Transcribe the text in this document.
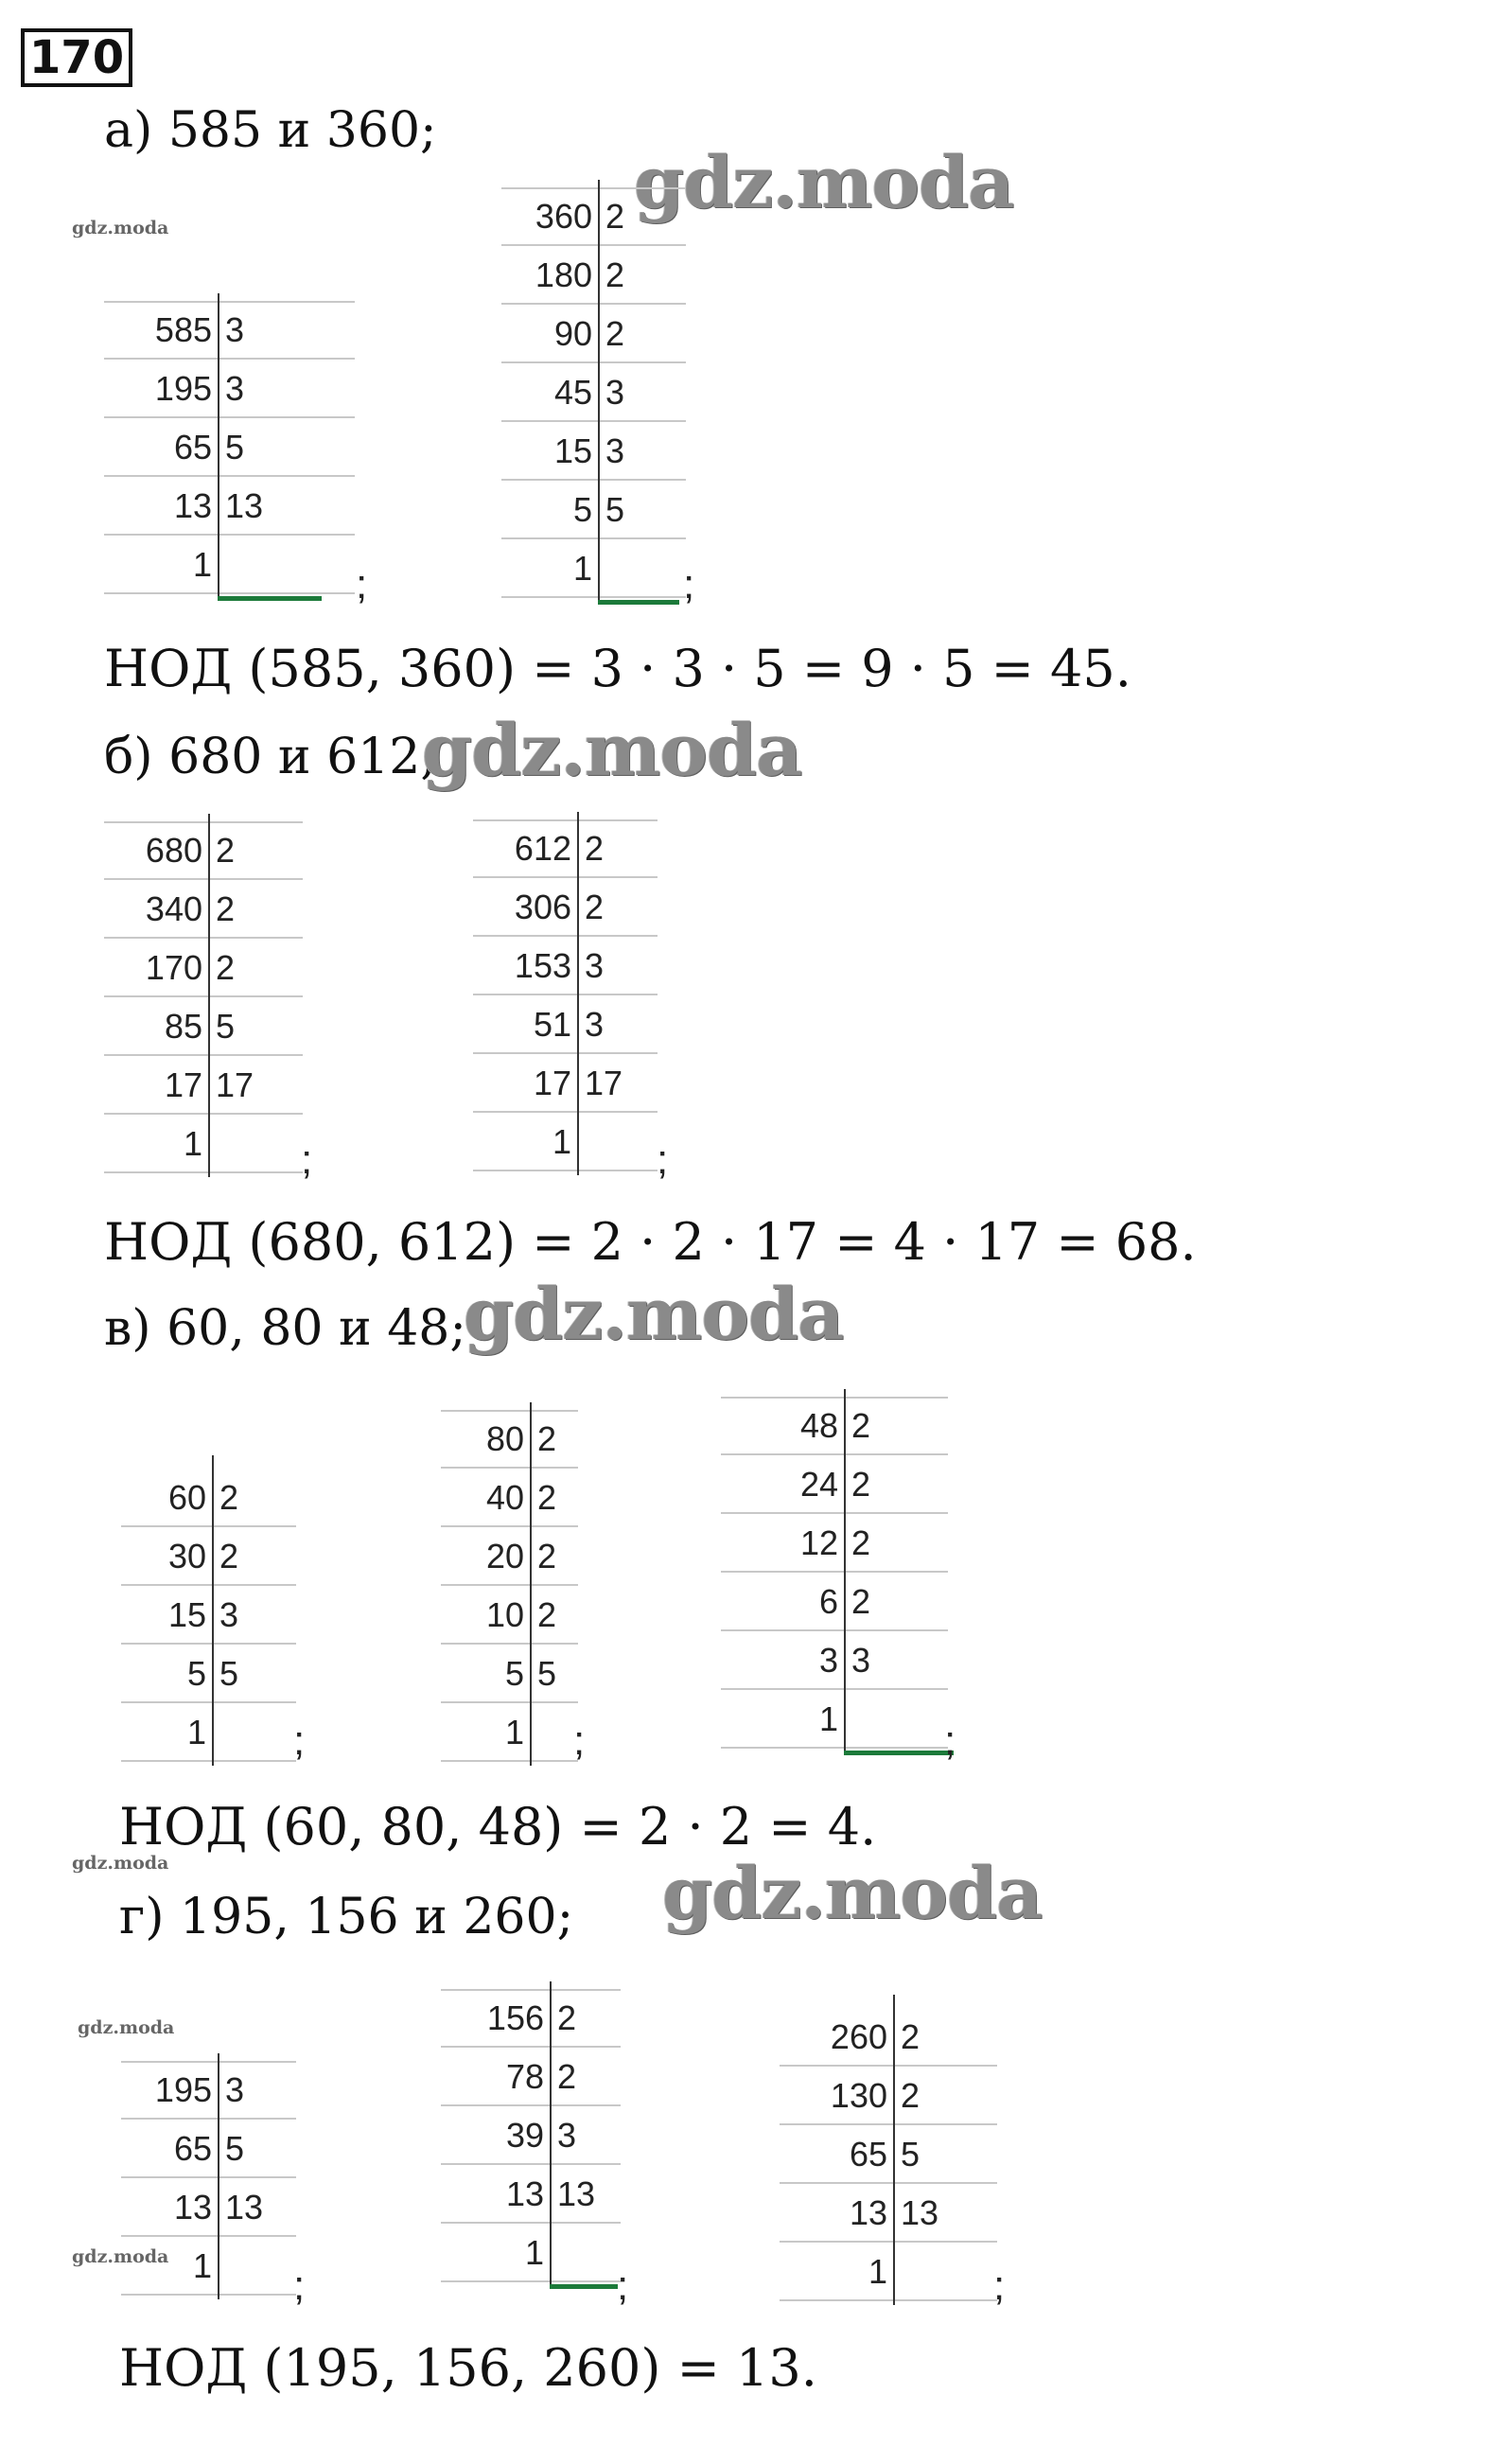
170
а) 585 и 360;
gdz.moda
gdz.moda
585 3
195 3
65 5
13 13
1	;
360 2
180 2
90 2
45 3
15 3
5 5
1 ;
НОД (585, 360) = 3 · 3 · 5 = 9 · 5 = 45.
б) 680 и 612;
gdz.moda
680 2
340 2
170 2
85 5
17 17
1 ;
612 2
306 2
153 3
51 3
17 17
1 ;
НОД (680, 612) = 2 · 2 · 17 = 4 · 17 = 68.
в) 60, 80 и 48;
gdz.moda
60 2
30 2
15 3
5 5
1 ;
80 2
40 2
20 2
10 2
5 5
1 ;
48 2
24 2
12 2
6 2
3 3
1	;
НОД (60, 80, 48) = 2 · 2 = 4.
gdz.moda
г) 195, 156 и 260; gdz.moda
gdz.moda
gdz.moda
195 3
65 5
13 13
1 ;
156 2
78 2
39 3
13 13
1
;
260 2
130 2
65 5
13 13
1	;
НОД (195, 156, 260) = 13.
